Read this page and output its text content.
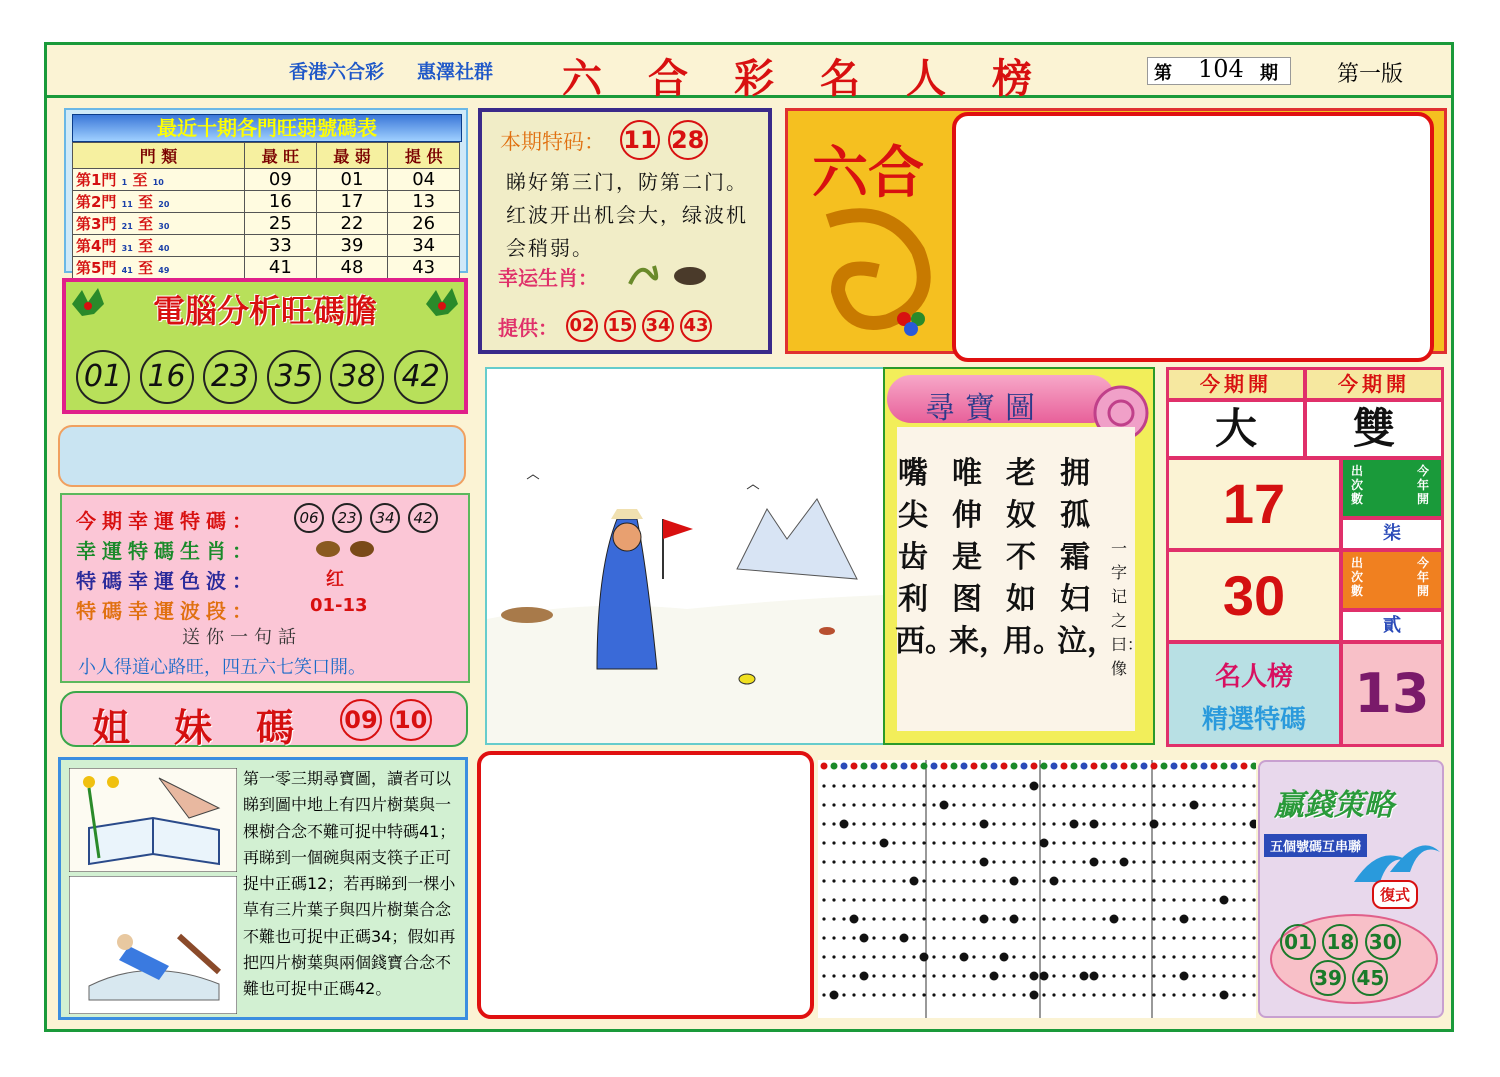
香港六合彩 惠澤社群 六合彩名人榜	第 104 期	第一版
最近十期各門旺弱號碼表
門 類	最 旺	最 弱	提 供
第1門 1 至 10	09	01	04
第2門 11 至 20	16	17	13
第3門 21 至 30	25	22	26
第4門 31 至 40	33	39	34
第5門 41 至 49	41	48	43
電腦分析旺碼膽
01 16 23 35 38 42
今期幸運特碼：	06 23 34 42
幸運特碼生肖：
特碼幸運色波：	红
特碼幸運波段：	01-13
送你一句話
小人得道心路旺，四五六七笑口開。
姐妹碼 09 10
第一零三期尋寶圖，讀者可以睇到圖中地上有四片樹葉與一棵樹合念不難可捉中特碼41；再睇到一個碗與兩支筷子正可捉中正碼12；若再睇到一棵小草有三片葉子與四片樹葉合念不難也可捉中正碼34；假如再把四片樹葉與兩個錢寶合念不難也可捉中正碼42。
本期特码： 11 28
睇好第三门，防第二门。红波开出机会大，绿波机会稍弱。
幸运生肖：
提供： 02 15 34 43
六合
尋寶圖
拥孤霜妇泣，
老奴不如用。
唯伸是图来，
嘴尖齿利西。
一字记之曰：像
今期開	今期開
大	雙
17
出次數
今年開
柒
30
出次數
今年開
貳
名人榜
精選特碼 13
贏錢策略
五個號碼互串聯
復式
01 18 30
39 45
